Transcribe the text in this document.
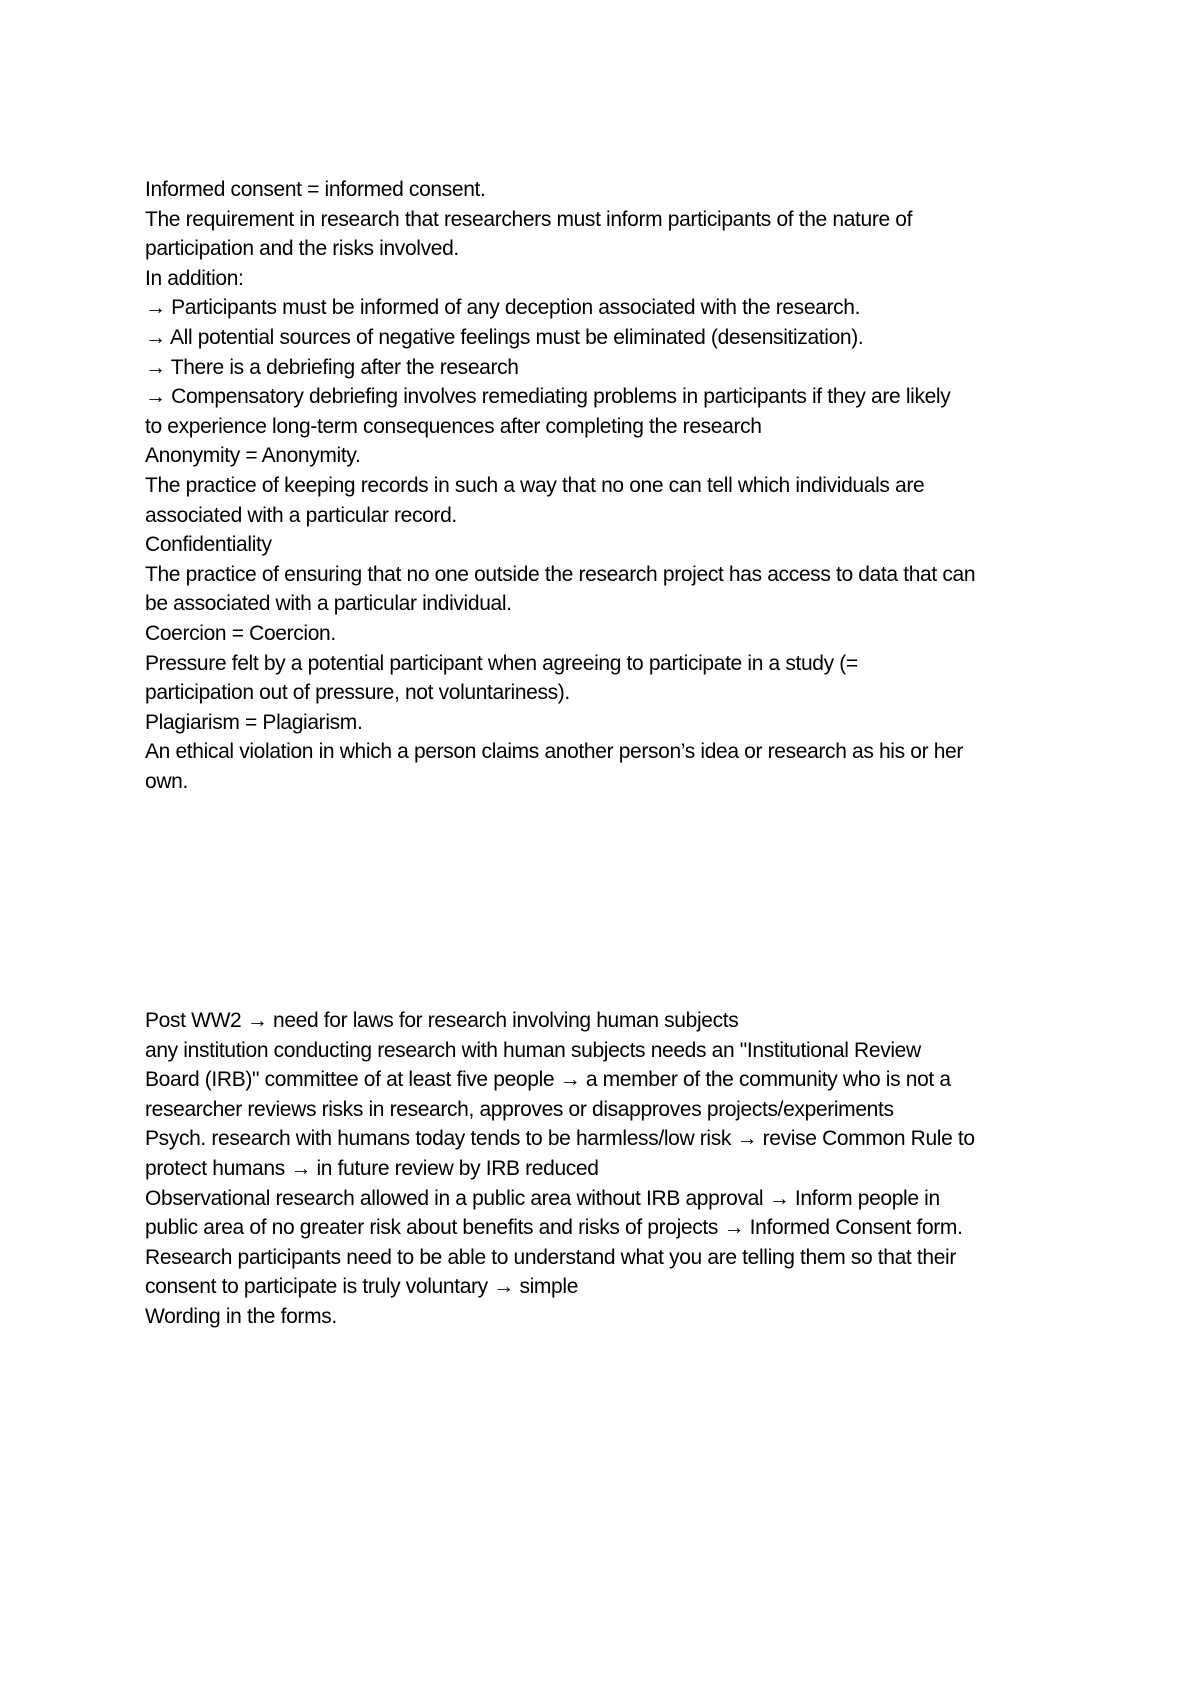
Informed consent = informed consent.
The requirement in research that researchers must inform participants of the nature of
participation and the risks involved.
In addition:
→ Participants must be informed of any deception associated with the research.
→ All potential sources of negative feelings must be eliminated (desensitization).
→ There is a debriefing after the research
→ Compensatory debriefing involves remediating problems in participants if they are likely
to experience long-term consequences after completing the research
Anonymity = Anonymity.
The practice of keeping records in such a way that no one can tell which individuals are
associated with a particular record.
Confidentiality
The practice of ensuring that no one outside the research project has access to data that can
be associated with a particular individual.
Coercion = Coercion.
Pressure felt by a potential participant when agreeing to participate in a study (=
participation out of pressure, not voluntariness).
Plagiarism = Plagiarism.
An ethical violation in which a person claims another person’s idea or research as his or her
own.
Post WW2 → need for laws for research involving human subjects
any institution conducting research with human subjects needs an "Institutional Review
Board (IRB)" committee of at least five people → a member of the community who is not a
researcher reviews risks in research, approves or disapproves projects/experiments
Psych. research with humans today tends to be harmless/low risk → revise Common Rule to
protect humans → in future review by IRB reduced
Observational research allowed in a public area without IRB approval → Inform people in
public area of no greater risk about benefits and risks of projects → Informed Consent form.
Research participants need to be able to understand what you are telling them so that their
consent to participate is truly voluntary → simple
Wording in the forms.
